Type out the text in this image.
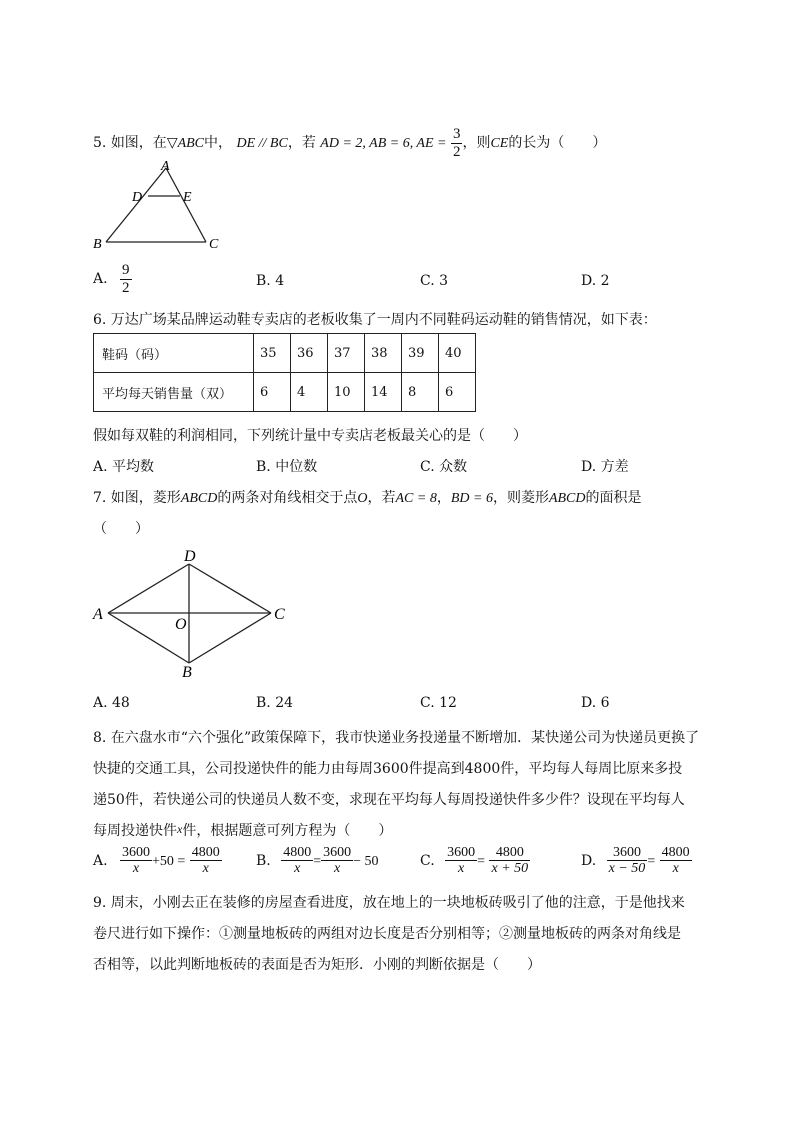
5. 如图，在▽ABC中， DE // BC，若 AD = 2, AB = 6, AE = $\frac{3}{2}$ ，则CE的长为（　　）
A
D	E
B	C
A. $\frac{9}{2}$	B. 4	C. 3	D. 2
6. 万达广场某品牌运动鞋专卖店的老板收集了一周内不同鞋码运动鞋的销售情况，如下表：
鞋码（码）	35	36	37	38	39	40
平均每天销售量（双）	6	4	10	14	8	6
假如每双鞋的利润相同，下列统计量中专卖店老板最关心的是（　　）
A. 平均数	B. 中位数	C. 众数	D. 方差
7. 如图，菱形ABCD的两条对角线相交于点O，若AC = 8，BD = 6，则菱形ABCD的面积是
（　　）
D
A	C
O
B
A. 48	B. 24	C. 12	D. 6
8. 在六盘水市“六个强化”政策保障下，我市快递业务投递量不断增加．某快递公司为快递员更换了
快捷的交通工具，公司投递快件的能力由每周3600件提高到4800件，平均每人每周比原来多投
递50件，若快递公司的快递员人数不变，求现在平均每人每周投递快件多少件？设现在平均每人
每周投递快件x件，根据题意可列方程为（　　）
A. $\frac{3600}{x} +50 = \frac{4800}{x} B$. $\frac{4800}{x} = \frac{3600}{x} - 50$	C. $\frac{3600}{x} = \frac{4800}{x + 50}$	D. $\frac{3600}{x - 50} = \frac{4800}{x}$
9. 周末，小刚去正在装修的房屋查看进度，放在地上的一块地板砖吸引了他的注意，于是他找来
卷尺进行如下操作：①测量地板砖的两组对边长度是否分别相等；②测量地板砖的两条对角线是
否相等，以此判断地板砖的表面是否为矩形．小刚的判断依据是（　　）
